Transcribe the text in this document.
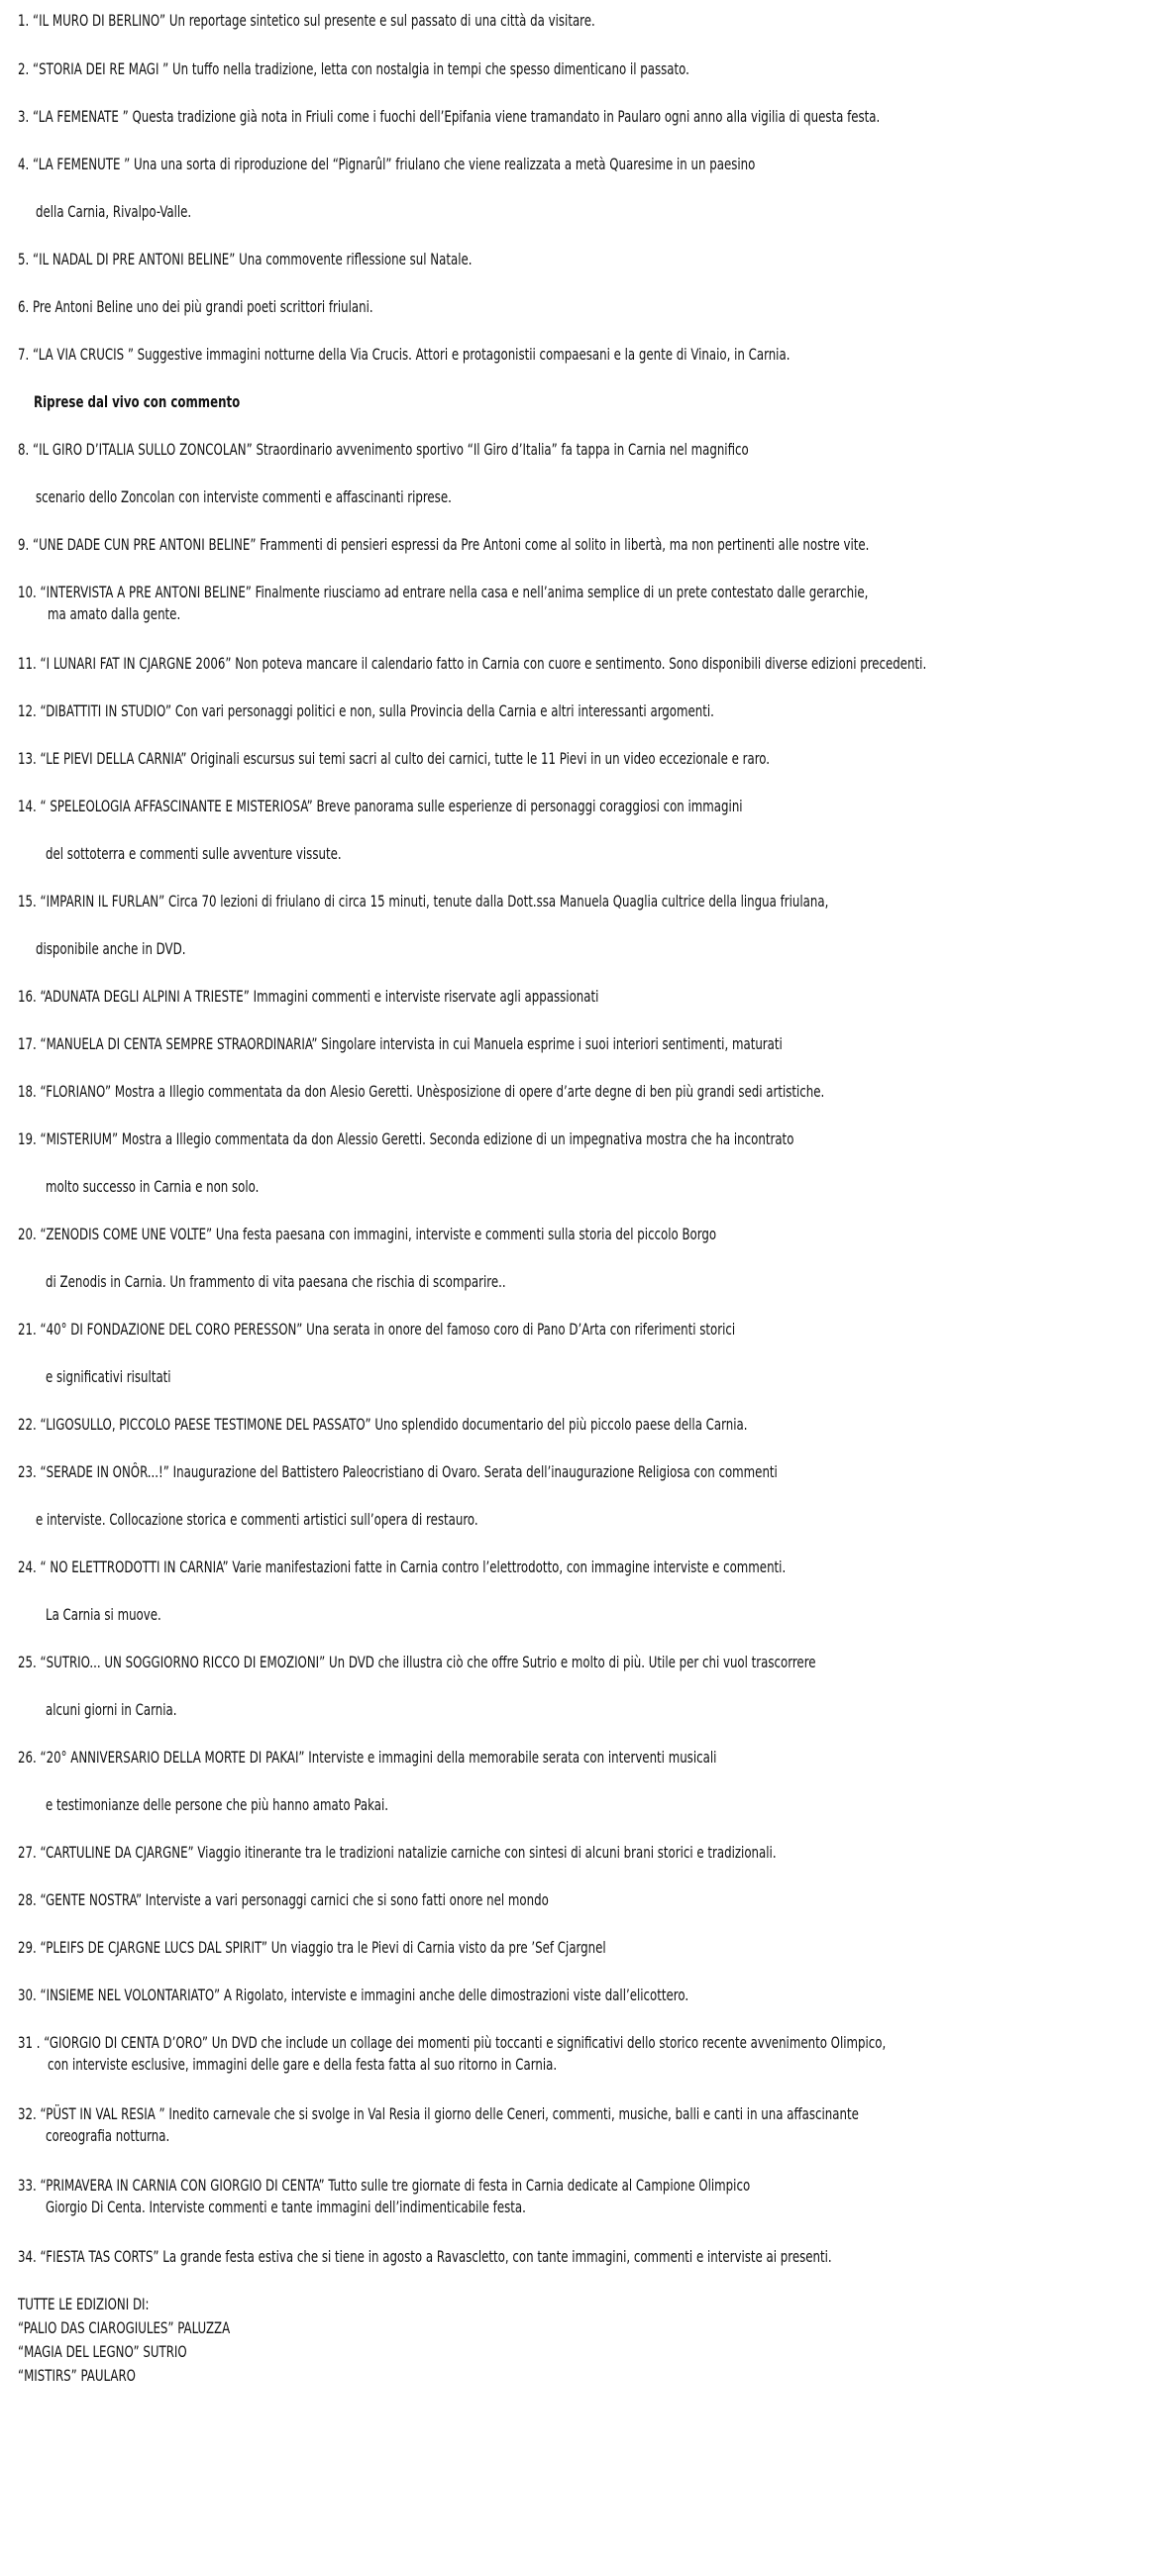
1. “IL MURO DI BERLINO” Un reportage sintetico sul presente e sul passato di una città da visitare.
2. “STORIA DEI RE MAGI ” Un tuffo nella tradizione, letta con nostalgia in tempi che spesso dimenticano il passato.
3. “LA FEMENATE ” Questa tradizione già nota in Friuli come i fuochi dell’Epifania viene tramandato in Paularo ogni anno alla vigilia di questa festa.
4. “LA FEMENUTE ” Una una sorta di riproduzione del “Pignarûl” friulano che viene realizzata a metà Quaresime in un paesino
della Carnia, Rivalpo-Valle.
5. “IL NADAL DI PRE ANTONI BELINE” Una commovente riflessione sul Natale.
6. Pre Antoni Beline uno dei più grandi poeti scrittori friulani.
7. “LA VIA CRUCIS ” Suggestive immagini notturne della Via Crucis. Attori e protagonistii compaesani e la gente di Vinaio, in Carnia.
Riprese dal vivo con commento
8. “IL GIRO D’ITALIA SULLO ZONCOLAN” Straordinario avvenimento sportivo “Il Giro d’Italia” fa tappa in Carnia nel magnifico
scenario dello Zoncolan con interviste commenti e affascinanti riprese.
9. “UNE DADE CUN PRE ANTONI BELINE” Frammenti di pensieri espressi da Pre Antoni come al solito in libertà, ma non pertinenti alle nostre vite.
10. “INTERVISTA A PRE ANTONI BELINE” Finalmente riusciamo ad entrare nella casa e nell’anima semplice di un prete contestato dalle gerarchie,
ma amato dalla gente.
11. “I LUNARI FAT IN CJARGNE 2006” Non poteva mancare il calendario fatto in Carnia con cuore e sentimento. Sono disponibili diverse edizioni precedenti.
12. “DIBATTITI IN STUDIO” Con vari personaggi politici e non, sulla Provincia della Carnia e altri interessanti argomenti.
13. “LE PIEVI DELLA CARNIA” Originali escursus sui temi sacri al culto dei carnici, tutte le 11 Pievi in un video eccezionale e raro.
14. “ SPELEOLOGIA AFFASCINANTE E MISTERIOSA” Breve panorama sulle esperienze di personaggi coraggiosi con immagini
del sottoterra e commenti sulle avventure vissute.
15. “IMPARIN IL FURLAN” Circa 70 lezioni di friulano di circa 15 minuti, tenute dalla Dott.ssa Manuela Quaglia cultrice della lingua friulana,
disponibile anche in DVD.
16. “ADUNATA DEGLI ALPINI A TRIESTE” Immagini commenti e interviste riservate agli appassionati
17. “MANUELA DI CENTA SEMPRE STRAORDINARIA” Singolare intervista in cui Manuela esprime i suoi interiori sentimenti, maturati
18. “FLORIANO” Mostra a Illegio commentata da don Alesio Geretti. Unèsposizione di opere d’arte degne di ben più grandi sedi artistiche.
19. “MISTERIUM” Mostra a Illegio commentata da don Alessio Geretti. Seconda edizione di un impegnativa mostra che ha incontrato
molto successo in Carnia e non solo.
20. “ZENODIS COME UNE VOLTE” Una festa paesana con immagini, interviste e commenti sulla storia del piccolo Borgo
di Zenodis in Carnia. Un frammento di vita paesana che rischia di scomparire..
21. “40° DI FONDAZIONE DEL CORO PERESSON” Una serata in onore del famoso coro di Pano D’Arta con riferimenti storici
e significativi risultati
22. “LIGOSULLO, PICCOLO PAESE TESTIMONE DEL PASSATO” Uno splendido documentario del più piccolo paese della Carnia.
23. “SERADE IN ONÔR...!” Inaugurazione del Battistero Paleocristiano di Ovaro. Serata dell’inaugurazione Religiosa con commenti
e interviste. Collocazione storica e commenti artistici sull’opera di restauro.
24. “ NO ELETTRODOTTI IN CARNIA” Varie manifestazioni fatte in Carnia contro l’elettrodotto, con immagine interviste e commenti.
La Carnia si muove.
25. “SUTRIO... UN SOGGIORNO RICCO DI EMOZIONI” Un DVD che illustra ciò che offre Sutrio e molto di più. Utile per chi vuol trascorrere
alcuni giorni in Carnia.
26. “20° ANNIVERSARIO DELLA MORTE DI PAKAI” Interviste e immagini della memorabile serata con interventi musicali
e testimonianze delle persone che più hanno amato Pakai.
27. “CARTULINE DA CJARGNE” Viaggio itinerante tra le tradizioni natalizie carniche con sintesi di alcuni brani storici e tradizionali.
28. “GENTE NOSTRA” Interviste a vari personaggi carnici che si sono fatti onore nel mondo
29. “PLEIFS DE CJARGNE LUCS DAL SPIRIT” Un viaggio tra le Pievi di Carnia visto da pre ’Sef Cjargnel
30. “INSIEME NEL VOLONTARIATO” A Rigolato, interviste e immagini anche delle dimostrazioni viste dall’elicottero.
31 . “GIORGIO DI CENTA D’ORO” Un DVD che include un collage dei momenti più toccanti e significativi dello storico recente avvenimento Olimpico,
con interviste esclusive, immagini delle gare e della festa fatta al suo ritorno in Carnia.
32. “PÜST IN VAL RESIA ” Inedito carnevale che si svolge in Val Resia il giorno delle Ceneri, commenti, musiche, balli e canti in una affascinante
coreografia notturna.
33. “PRIMAVERA IN CARNIA CON GIORGIO DI CENTA” Tutto sulle tre giornate di festa in Carnia dedicate al Campione Olimpico
Giorgio Di Centa. Interviste commenti e tante immagini dell’indimenticabile festa.
34. “FIESTA TAS CORTS” La grande festa estiva che si tiene in agosto a Ravascletto, con tante immagini, commenti e interviste ai presenti.
TUTTE LE EDIZIONI DI:
“PALIO DAS CIAROGIULES” PALUZZA
“MAGIA DEL LEGNO” SUTRIO
“MISTIRS” PAULARO
